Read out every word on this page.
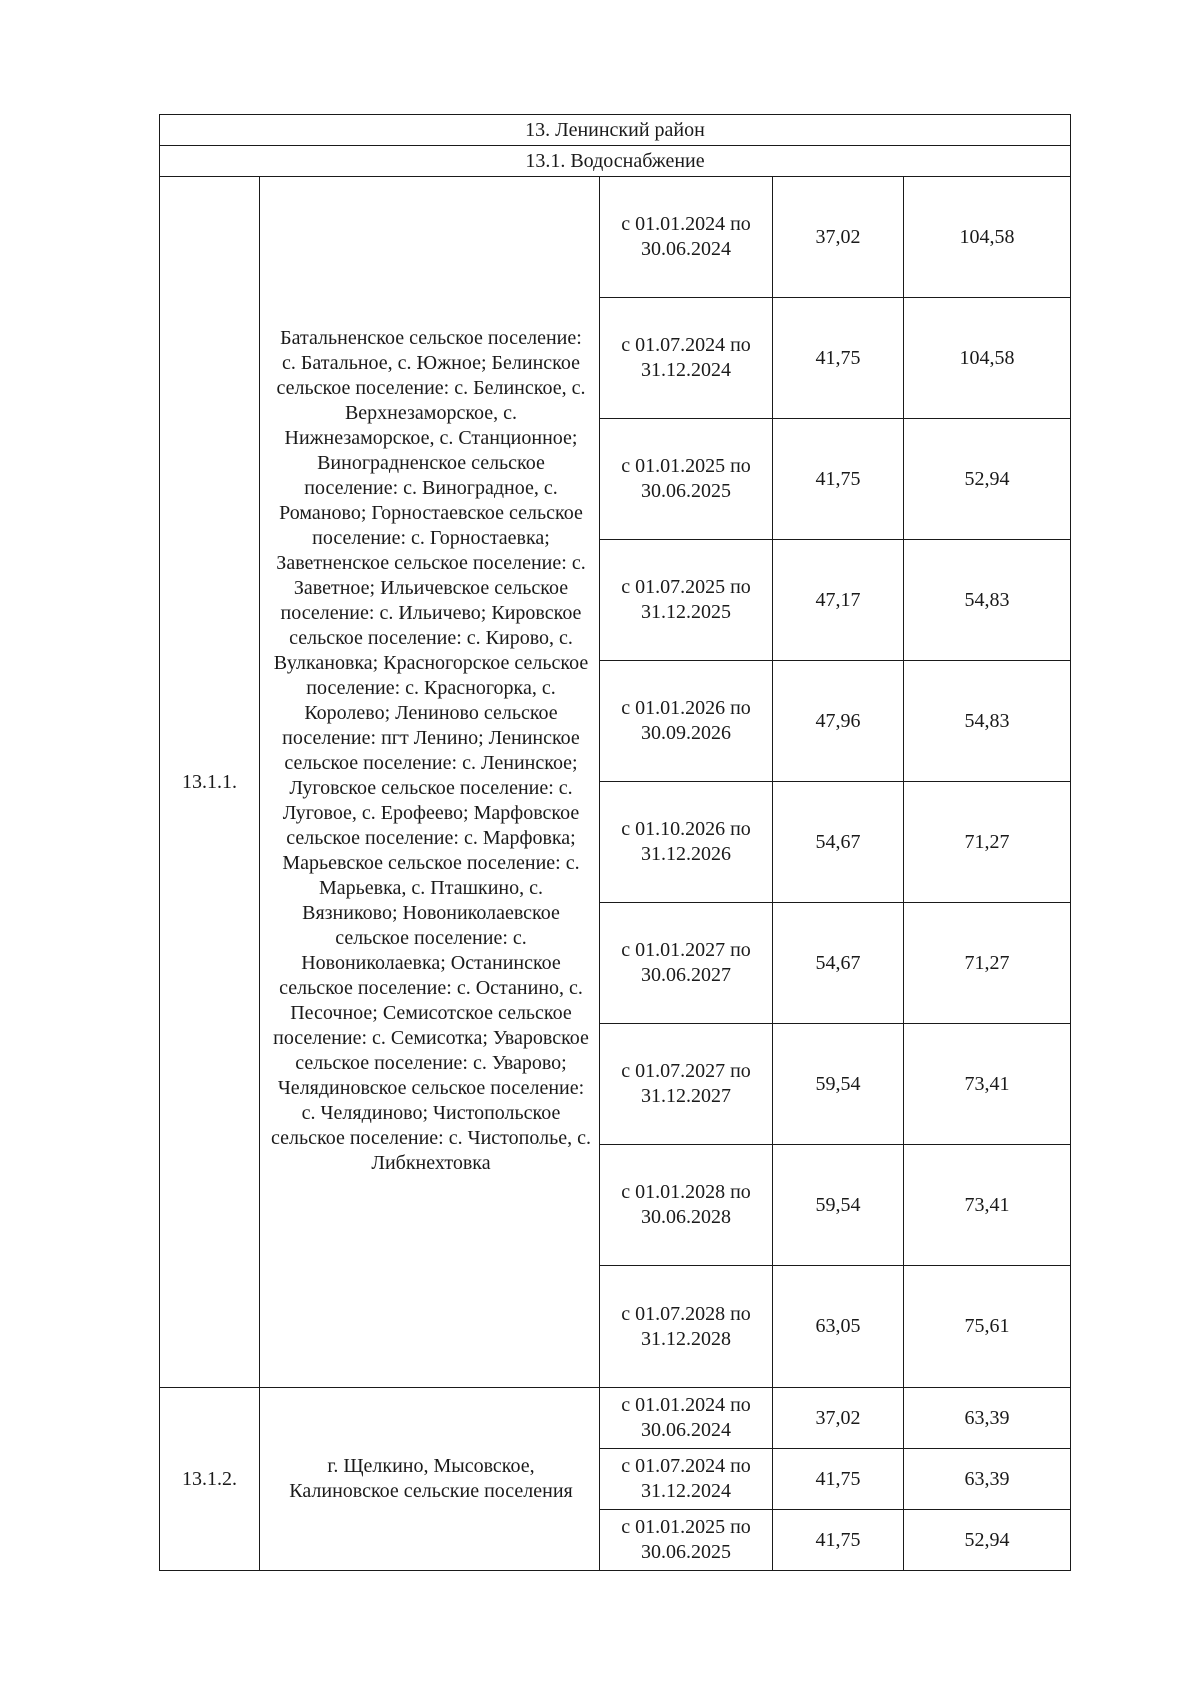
13. Ленинский район				
13.1. Водоснабжение				
13.1.1.	Батальненское сельское поселение: с. Батальное, с. Южное; Белинское сельское поселение: с. Белинское, с. Верхнезаморское, с. Нижнезаморское, с. Станционное; Виноградненское сельское поселение: с. Виноградное, с. Романово; Горностаевское сельское поселение: с. Горностаевка; Заветненское сельское поселение: с. Заветное; Ильичевское сельское поселение: с. Ильичево; Кировское сельское поселение: с. Кирово, с. Вулкановка; Красногорское сельское поселение: с. Красногорка, с. Королево; Лениново сельское поселение: пгт Ленино; Ленинское сельское поселение: с. Ленинское; Луговское сельское поселение: с. Луговое, с. Ерофеево; Марфовское сельское поселение: с. Марфовка; Марьевское сельское поселение: с. Марьевка, с. Пташкино, с. Вязниково; Новониколаевское сельское поселение: с. Новониколаевка; Останинское сельское поселение: с. Останино, с. Песочное; Семисотское сельское поселение: с. Семисотка; Уваровское сельское поселение: с. Уварово; Челядиновское сельское поселение: с. Челядиново; Чистопольское сельское поселение: с. Чистополье, с. Либкнехтовка	с 01.01.2024 по 30.06.2024	37,02	104,58

		с 01.07.2024 по 31.12.2024	41,75	104,58

		с 01.01.2025 по 30.06.2025	41,75	52,94

		с 01.07.2025 по 31.12.2025	47,17	54,83

		с 01.01.2026 по 30.09.2026	47,96	54,83

		с 01.10.2026 по 31.12.2026	54,67	71,27

		с 01.01.2027 по 30.06.2027	54,67	71,27

		с 01.07.2027 по 31.12.2027	59,54	73,41

		с 01.01.2028 по 30.06.2028	59,54	73,41

		с 01.07.2028 по 31.12.2028	63,05	75,61
13.1.2.	г. Щелкино, Мысовское, Калиновское сельские поселения	с 01.01.2024 по 30.06.2024	37,02	63,39

		с 01.07.2024 по 31.12.2024	41,75	63,39

		с 01.01.2025 по 30.06.2025	41,75	52,94
